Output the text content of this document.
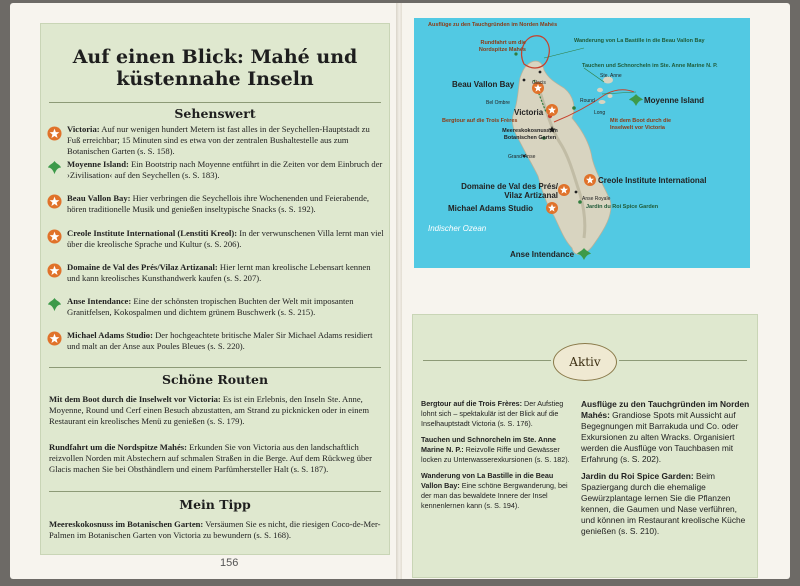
Auf einen Blick: Mahé und
küstennahe Inseln
Sehenswert
Victoria: Auf nur wenigen hundert Metern ist fast alles in der Seychellen-Hauptstadt zu Fuß erreichbar; 15 Minuten sind es etwa von der zentralen Bushaltestelle aus zum Botanischen Garten (s. S. 158).
Moyenne Island: Ein Bootstrip nach Moyenne entführt in die Zeiten vor dem Einbruch der ›Zivilisation‹ auf den Seychellen (s. S. 183).
Beau Vallon Bay: Hier verbringen die Seychellois ihre Wochenenden und Feierabende, hören traditionelle Musik und genießen inseltypische Snacks (s. S. 192).
Creole Institute International (Lenstiti Kreol): In der verwunschenen Villa lernt man viel über die kreolische Sprache und Kultur (s. S. 206).
Domaine de Val des Prés/Vilaz Artizanal: Hier lernt man kreolische Lebensart kennen und kann kreolisches Kunsthandwerk kaufen (s. S. 207).
Anse Intendance: Eine der schönsten tropischen Buchten der Welt mit imposanten Granitfelsen, Kokospalmen und dichtem grünem Buschwerk (s. S. 215).
Michael Adams Studio: Der hochgeachtete britische Maler Sir Michael Adams residiert und malt an der Anse aux Poules Bleues (s. S. 220).
Schöne Routen
Mit dem Boot durch die Inselwelt vor Victoria: Es ist ein Erlebnis, den Inseln Ste. Anne, Moyenne, Round und Cerf einen Besuch abzustatten, am Strand zu picknicken oder in einem Restaurant ein kreolisches Menü zu genießen (s. S. 179).
Rundfahrt um die Nordspitze Mahés: Erkunden Sie von Victoria aus den landschaftlich reizvollen Norden mit Abstechern auf schmalen Straßen in die Berge. Auf dem Rückweg über Glacis machen Sie bei Obsthändlern und einem Parfümhersteller Halt (s. S. 187).
Mein Tipp
Meereskokosnuss im Botanischen Garten: Versäumen Sie es nicht, die riesigen Coco-de-Mer-Palmen im Botanischen Garten von Victoria zu bewundern (s. S. 168).
156
Ausflüge zu den Tauchgründen im Norden Mahés
Rundfahrt um die Nordspitze Mahés
Glacis
Beau Vallon Bay
Bel Ombre
Victoria
Bergtour auf die Trois Frères
Meereskokosnuss im Botanischen Garten
Grand' Anse
Wanderung von La Bastille in die Beau Vallon Bay
Tauchen und Schnorcheln im Ste. Anne Marine N. P.
Ste. Anne
Moyenne Island
Round
Long
Mit dem Boot durch die Inselwelt vor Victoria
Creole Institute International
Domaine de Val des Prés/ Vilaz Artizanal	Anse Royale
Michael Adams Studio	Jardin du Roi Spice Garden
Indischer Ozean
Anse Intendance
Aktiv

Bergtour auf die Trois Frères: Der Aufstieg lohnt sich – spektakulär ist der Blick auf die Inselhauptstadt Victoria (s. S. 176).

Tauchen und Schnorcheln im Ste. Anne Marine N. P.: Reizvolle Riffe und Gewässer locken zu Unterwasserexkursionen (s. S. 182).

Wanderung von La Bastille in die Beau Vallon Bay: Eine schöne Bergwanderung, bei der man das bewaldete Innere der Insel kennenlernen kann (s. S. 194).

Ausflüge zu den Tauchgründen im Norden Mahés: Grandiose Spots mit Aussicht auf Begegnungen mit Barrakuda und Co. oder Exkursionen zu alten Wracks. Organisiert werden die Ausflüge von Tauchbasen mit Erfahrung (s. S. 202).

Jardin du Roi Spice Garden: Beim Spaziergang durch die ehemalige Gewürzplantage lernen Sie die Pflanzen kennen, die Gaumen und Nase verführen, und können im Restaurant kreolische Küche genießen (s. S. 210).
